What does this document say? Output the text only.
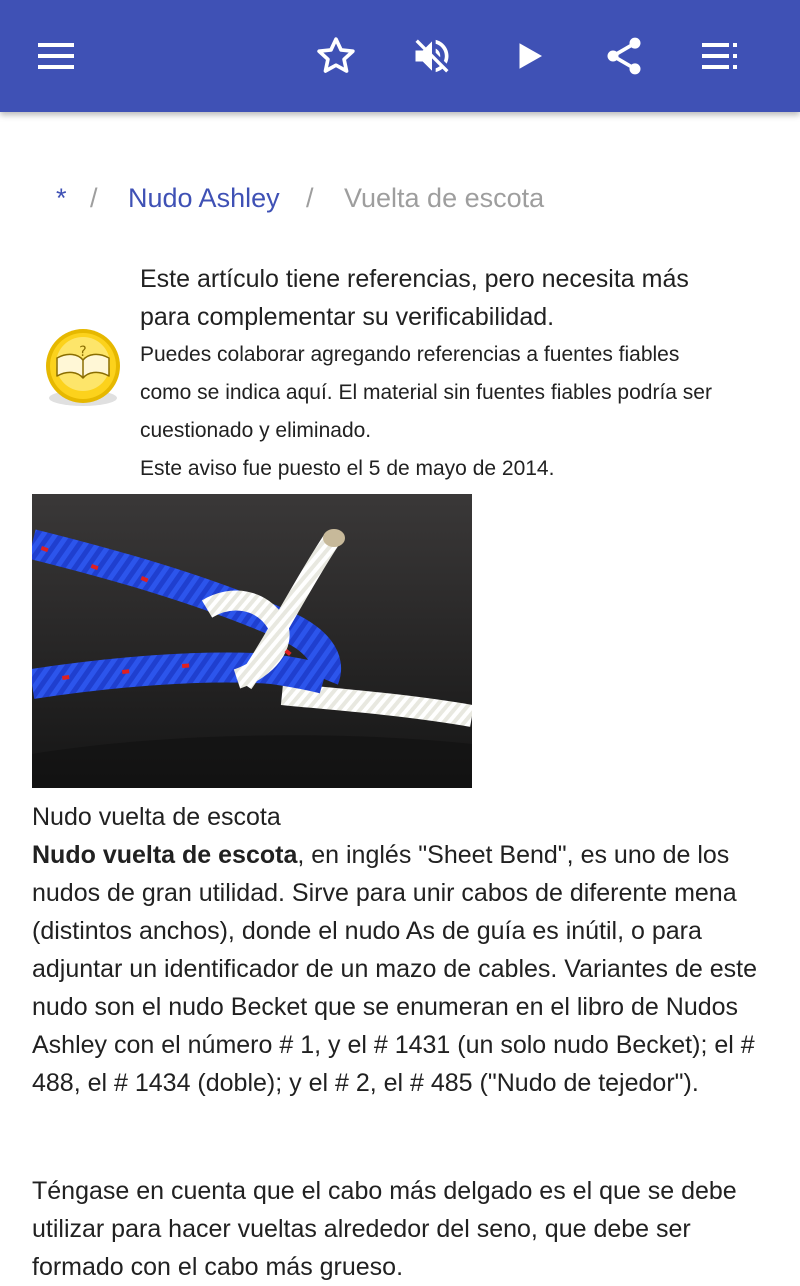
* / Nudo Ashley / Vuelta de escota
?

Este artículo tiene referencias, pero necesita más

para complementar su verificabilidad.

Puedes colaborar agregando referencias a fuentes fiables

como se indica aquí. El material sin fuentes fiables podría ser

cuestionado y eliminado.

Este aviso fue puesto el 5 de mayo de 2014.

Nudo vuelta de escota

Nudo vuelta de escota, en inglés "Sheet Bend", es uno de los nudos de gran utilidad. Sirve para unir cabos de diferente mena (distintos anchos), donde el nudo As de guía es inútil, o para adjuntar un identificador de un mazo de cables. Variantes de este nudo son el nudo Becket que se enumeran en el libro de Nudos Ashley con el número # 1, y el # 1431 (un solo nudo Becket); el # 488, el # 1434 (doble); y el # 2, el # 485 ("Nudo de tejedor").

Téngase en cuenta que el cabo más delgado es el que se debe utilizar para hacer vueltas alrededor del seno, que debe ser formado con el cabo más grueso.
